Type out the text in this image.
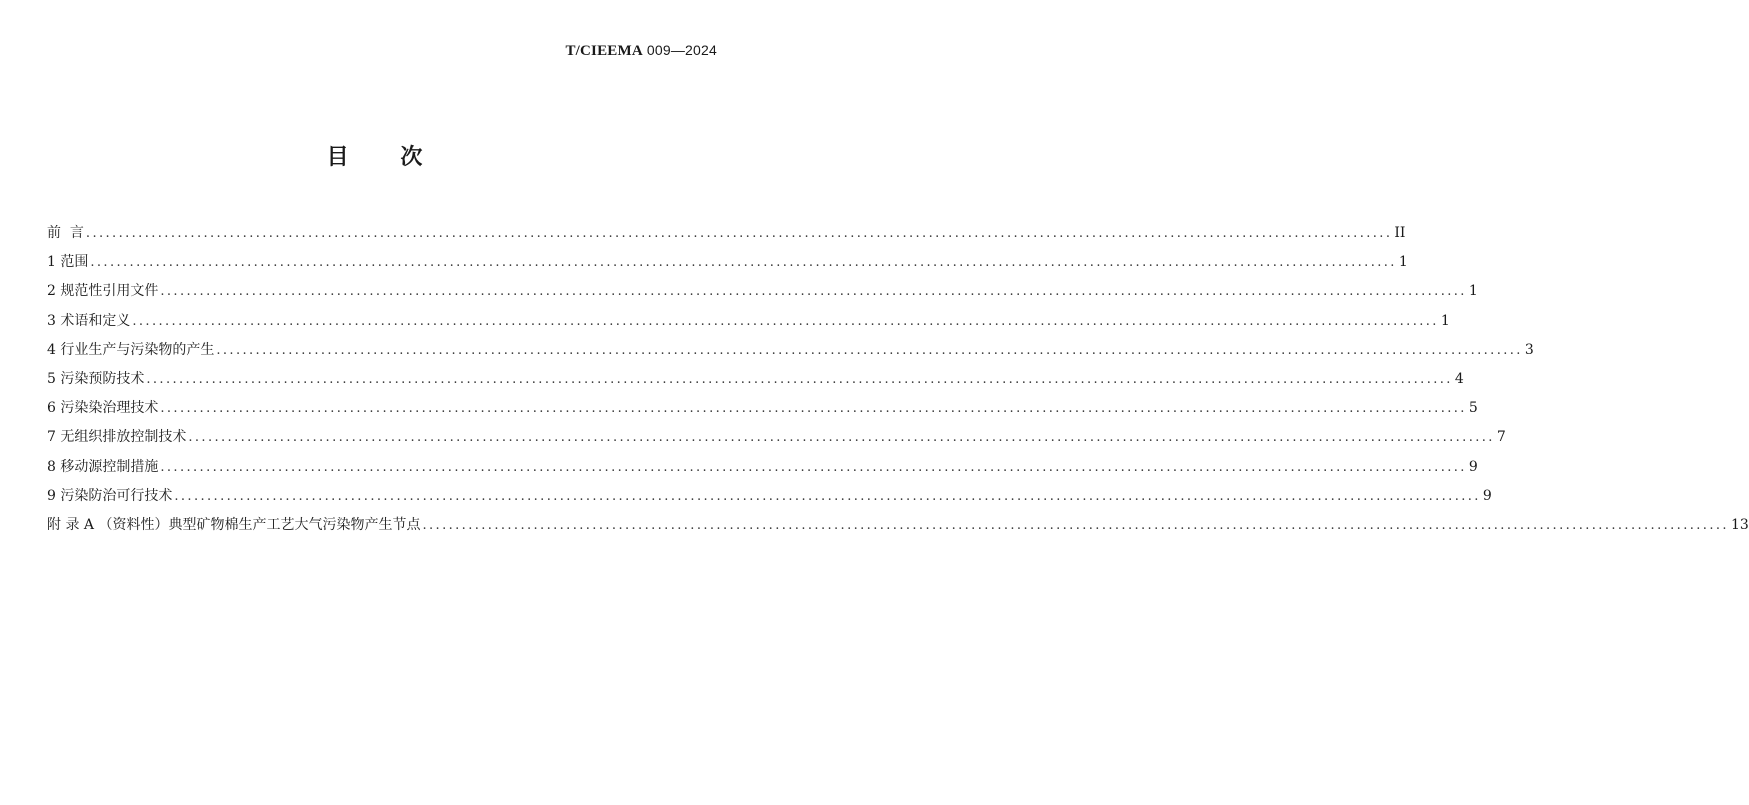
T/CIEEMA 009—2024
目 次
前  言 ........................................................................................................................................................................................................ II
1 范围 ........................................................................................................................................................................................................ 1
2 规范性引用文件 ........................................................................................................................................................................................................ 1
3 术语和定义 ........................................................................................................................................................................................................ 1
4 行业生产与污染物的产生 ........................................................................................................................................................................................................ 3
5 污染预防技术 ........................................................................................................................................................................................................ 4
6 污染染治理技术 ........................................................................................................................................................................................................ 5
7 无组织排放控制技术 ........................................................................................................................................................................................................ 7
8 移动源控制措施 ........................................................................................................................................................................................................ 9
9 污染防治可行技术 ........................................................................................................................................................................................................ 9
附 录 A （资料性）典型矿物棉生产工艺大气污染物产生节点 ........................................................................................................................................................................................................ 13
